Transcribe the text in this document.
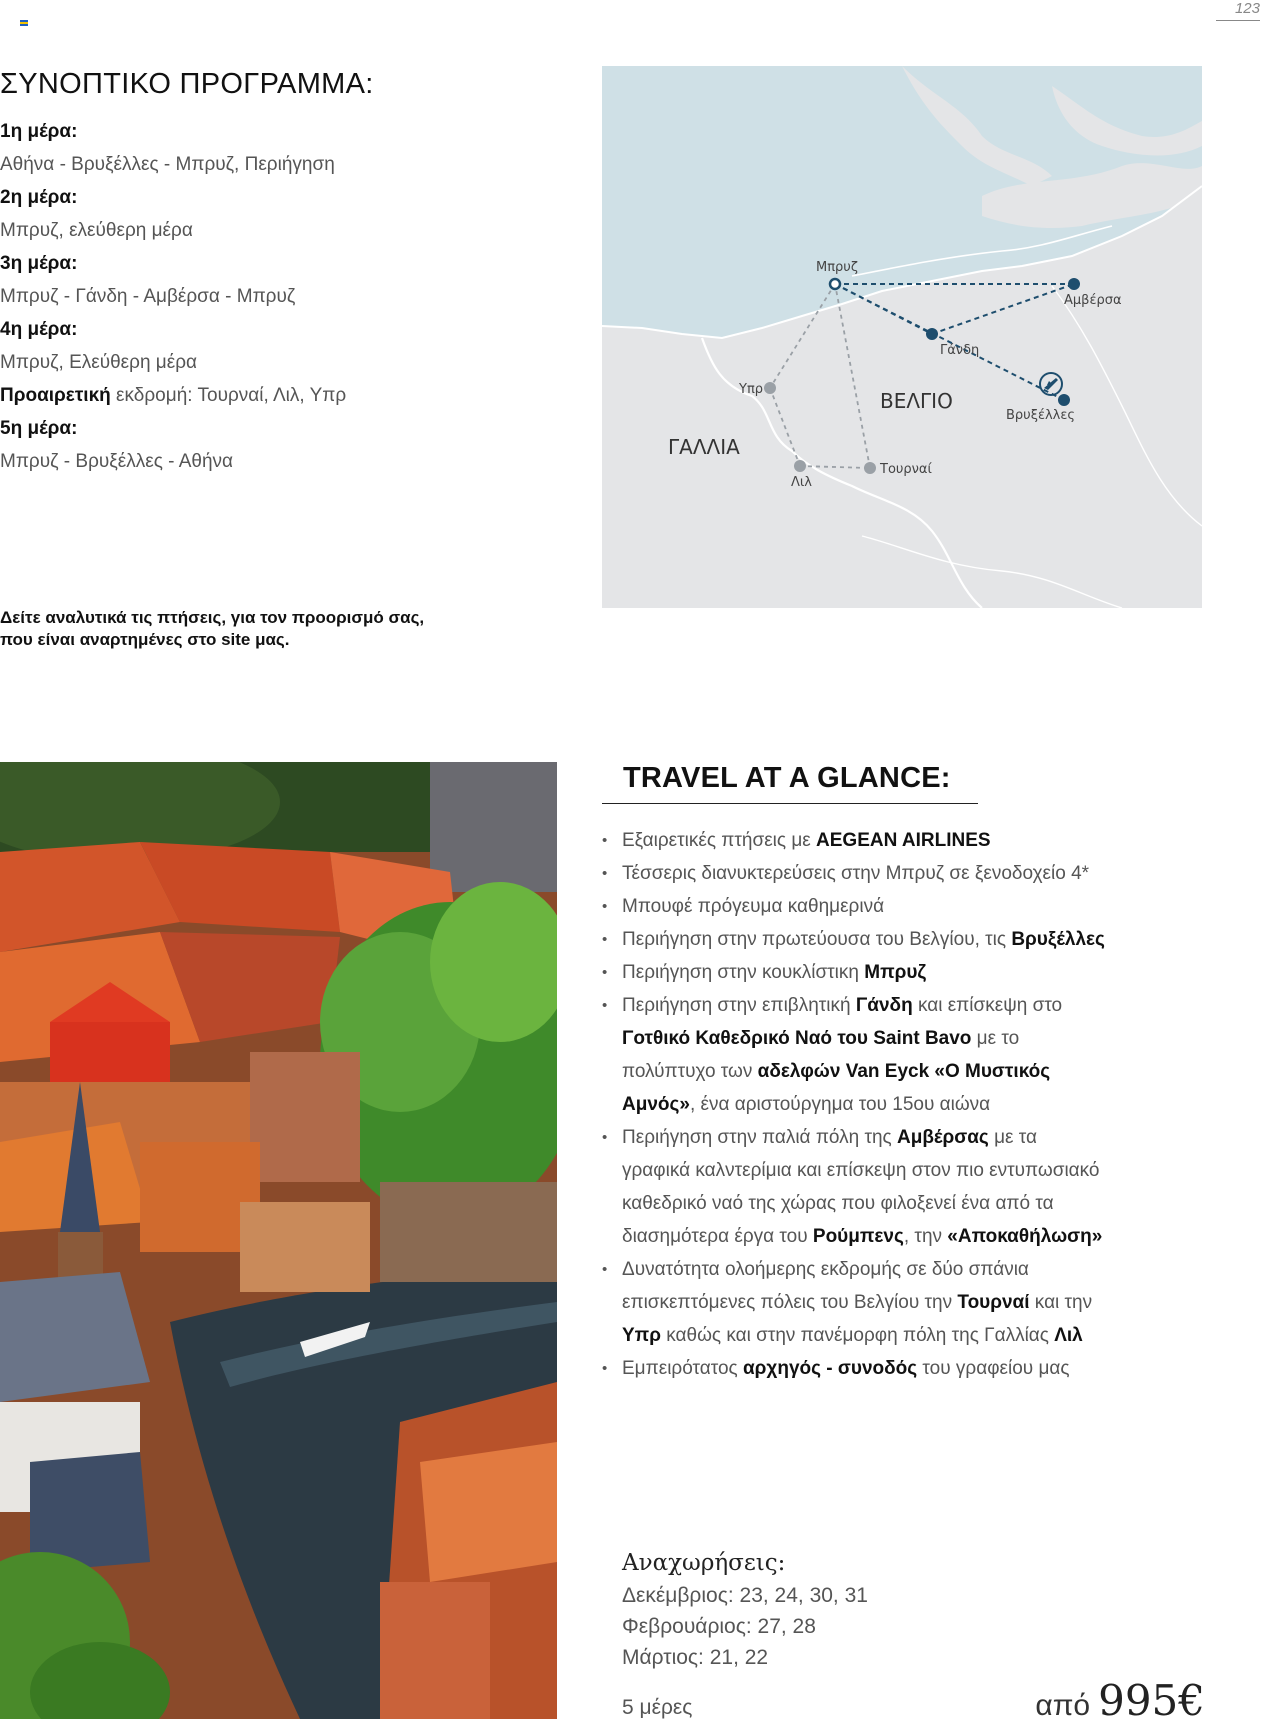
123
ΣΥΝΟΠΤΙΚΟ ΠΡΟΓΡΑΜΜΑ:
1η μέρα:
Αθήνα - Βρυξέλλες - Μπρυζ, Περιήγηση
2η μέρα:
Μπρυζ, ελεύθερη μέρα
3η μέρα:
Μπρυζ - Γάνδη - Αμβέρσα - Μπρυζ
4η μέρα:
Μπρυζ, Ελεύθερη μέρα
Προαιρετική εκδρομή: Τουρναί, Λιλ, Υπρ
5η μέρα:
Μπρυζ - Βρυξέλλες - Αθήνα
Δείτε αναλυτικά τις πτήσεις, για τον προορισμό σας,
που είναι αναρτημένες στο site μας.
Μπρυζ
Αμβέρσα
Γάνδη
Βρυξέλλες
Υπρ
Λιλ
Τουρναί
ΒΕΛΓΙΟ
ΓΑΛΛΙΑ
TRAVEL AT A GLANCE:
• Εξαιρετικές πτήσεις με AEGEAN AIRLINES
• Τέσσερις διανυκτερεύσεις στην Μπρυζ σε ξενοδοχείο 4*
• Μπουφέ πρόγευμα καθημερινά
• Περιήγηση στην πρωτεύουσα του Βελγίου, τις Βρυξέλλες
• Περιήγηση στην κουκλίστικη Μπρυζ
• Περιήγηση στην επιβλητική Γάνδη και επίσκεψη στο
Γοτθικό Καθεδρικό Ναό του Saint Bavo με το
πολύπτυχο των αδελφών Van Eyck «Ο Μυστικός
Αμνός», ένα αριστούργημα του 15ου αιώνα
• Περιήγηση στην παλιά πόλη της Αμβέρσας με τα
γραφικά καλντερίμια και επίσκεψη στον πιο εντυπωσιακό
καθεδρικό ναό της χώρας που φιλοξενεί ένα από τα
διασημότερα έργα του Ρούμπενς, την «Αποκαθήλωση»
• Δυνατότητα ολοήμερης εκδρομής σε δύο σπάνια
επισκεπτόμενες πόλεις του Βελγίου την Τουρναί και την
Υπρ καθώς και στην πανέμορφη πόλη της Γαλλίας Λιλ
• Εμπειρότατος αρχηγός - συνοδός του γραφείου μας
Αναχωρήσεις:
Δεκέμβριος: 23, 24, 30, 31
Φεβρουάριος: 27, 28
Μάρτιος: 21, 22
5 μέρες	από 995€
